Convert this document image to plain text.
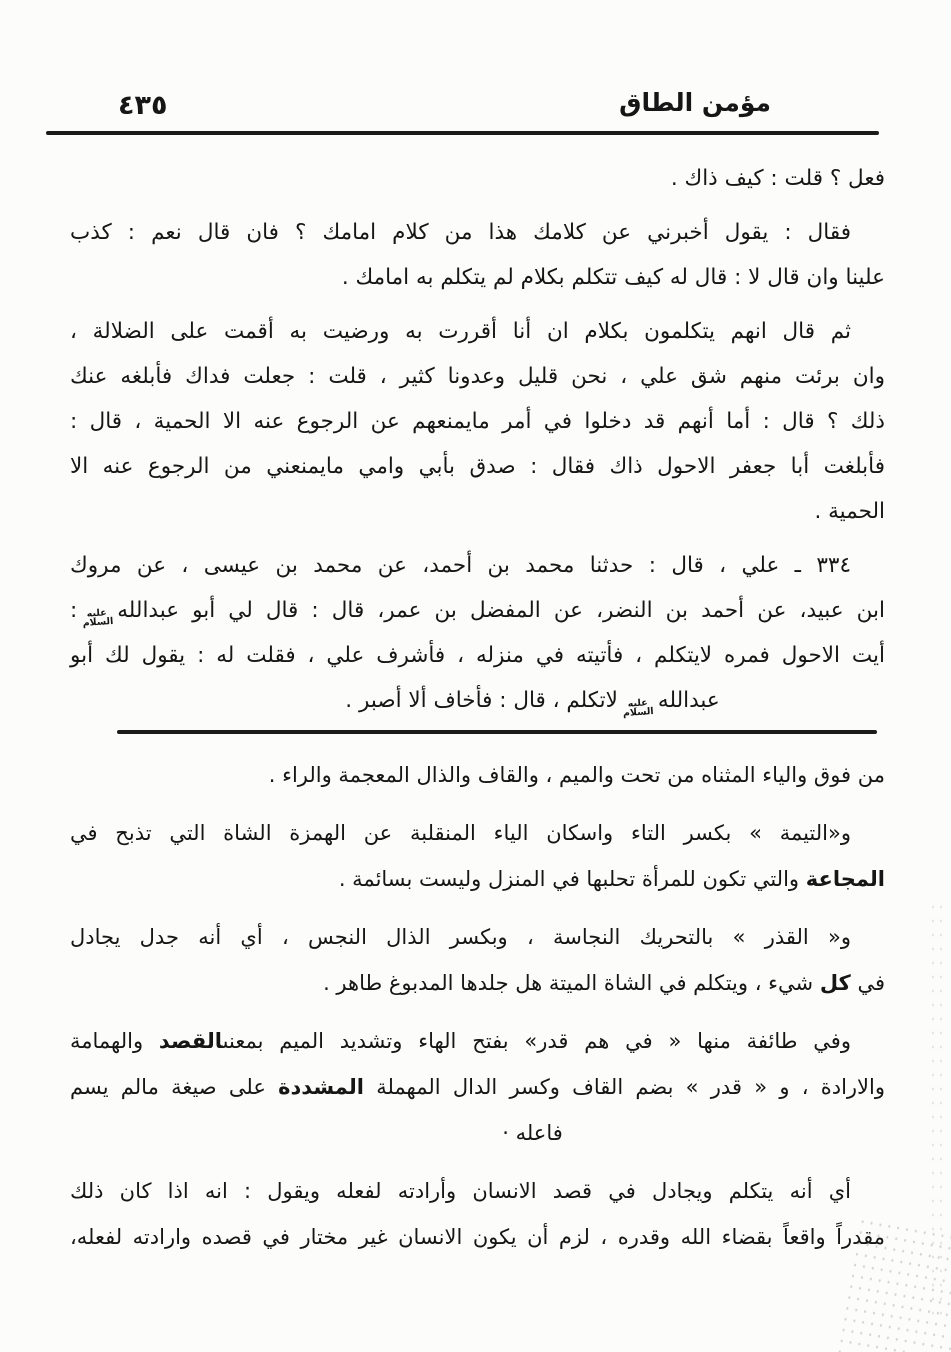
٤٣٥	مؤمن الطاق
فعل ؟ قلت : كيف ذاك .
فقال : يقول أخبرني عن كلامك هذا من كلام امامك ؟ فان قال نعم : كذب
علينا وان قال لا : قال له كيف تتكلم بكلام لم يتكلم به امامك .
ثم قال انهم يتكلمون بكلام ان أنا أقررت به ورضيت به أقمت على الضلالة ،
وان برئت منهم شق علي ، نحن قليل وعدونا كثير ، قلت : جعلت فداك فأبلغه عنك
ذلك ؟ قال : أما أنهم قد دخلوا في أمر مايمنعهم عن الرجوع عنه الا الحمية ، قال :
فأبلغت أبا جعفر الاحول ذاك فقال : صدق بأبي وامي مايمنعني من الرجوع عنه الا
الحمية .
٣٣٤ ـ علي ، قال : حدثنا محمد بن أحمد، عن محمد بن عيسى ، عن مروك
ابن عبيد، عن أحمد بن النضر، عن المفضل بن عمر، قال : قال لي أبو عبداللهعليه السلام:
أيت الاحول فمره لايتكلم ، فأتيته في منزله ، فأشرف علي ، فقلت له : يقول لك أبو
عبداللهعليه السلاملاتكلم ، قال : فأخاف ألا أصبر .
من فوق والياء المثناه من تحت والميم ، والقاف والذال المعجمة والراء .
و«التيمة » بكسر التاء واسكان الياء المنقلبة عن الهمزة الشاة التي تذبح في
المجاعة والتي تكون للمرأة تحلبها في المنزل وليست بسائمة .
و« القذر » بالتحريك النجاسة ، وبكسر الذال النجس ، أي أنه جدل يجادل
في كل شيء ، ويتكلم في الشاة الميتة هل جلدها المدبوغ طاهر .
وفي طائفة منها « في هم قدر» بفتح الهاء وتشديد الميم بمعنىالقصد والهمامة
والارادة ، و « قدر » بضم القاف وكسر الدال المهملة المشددة على صيغة مالم يسم
فاعله ·
أي أنه يتكلم ويجادل في قصد الانسان وأرادته لفعله ويقول : انه اذا كان ذلك
مقدراً واقعاً بقضاء الله وقدره ، لزم أن يكون الانسان غير مختار في قصده وارادته لفعله،
